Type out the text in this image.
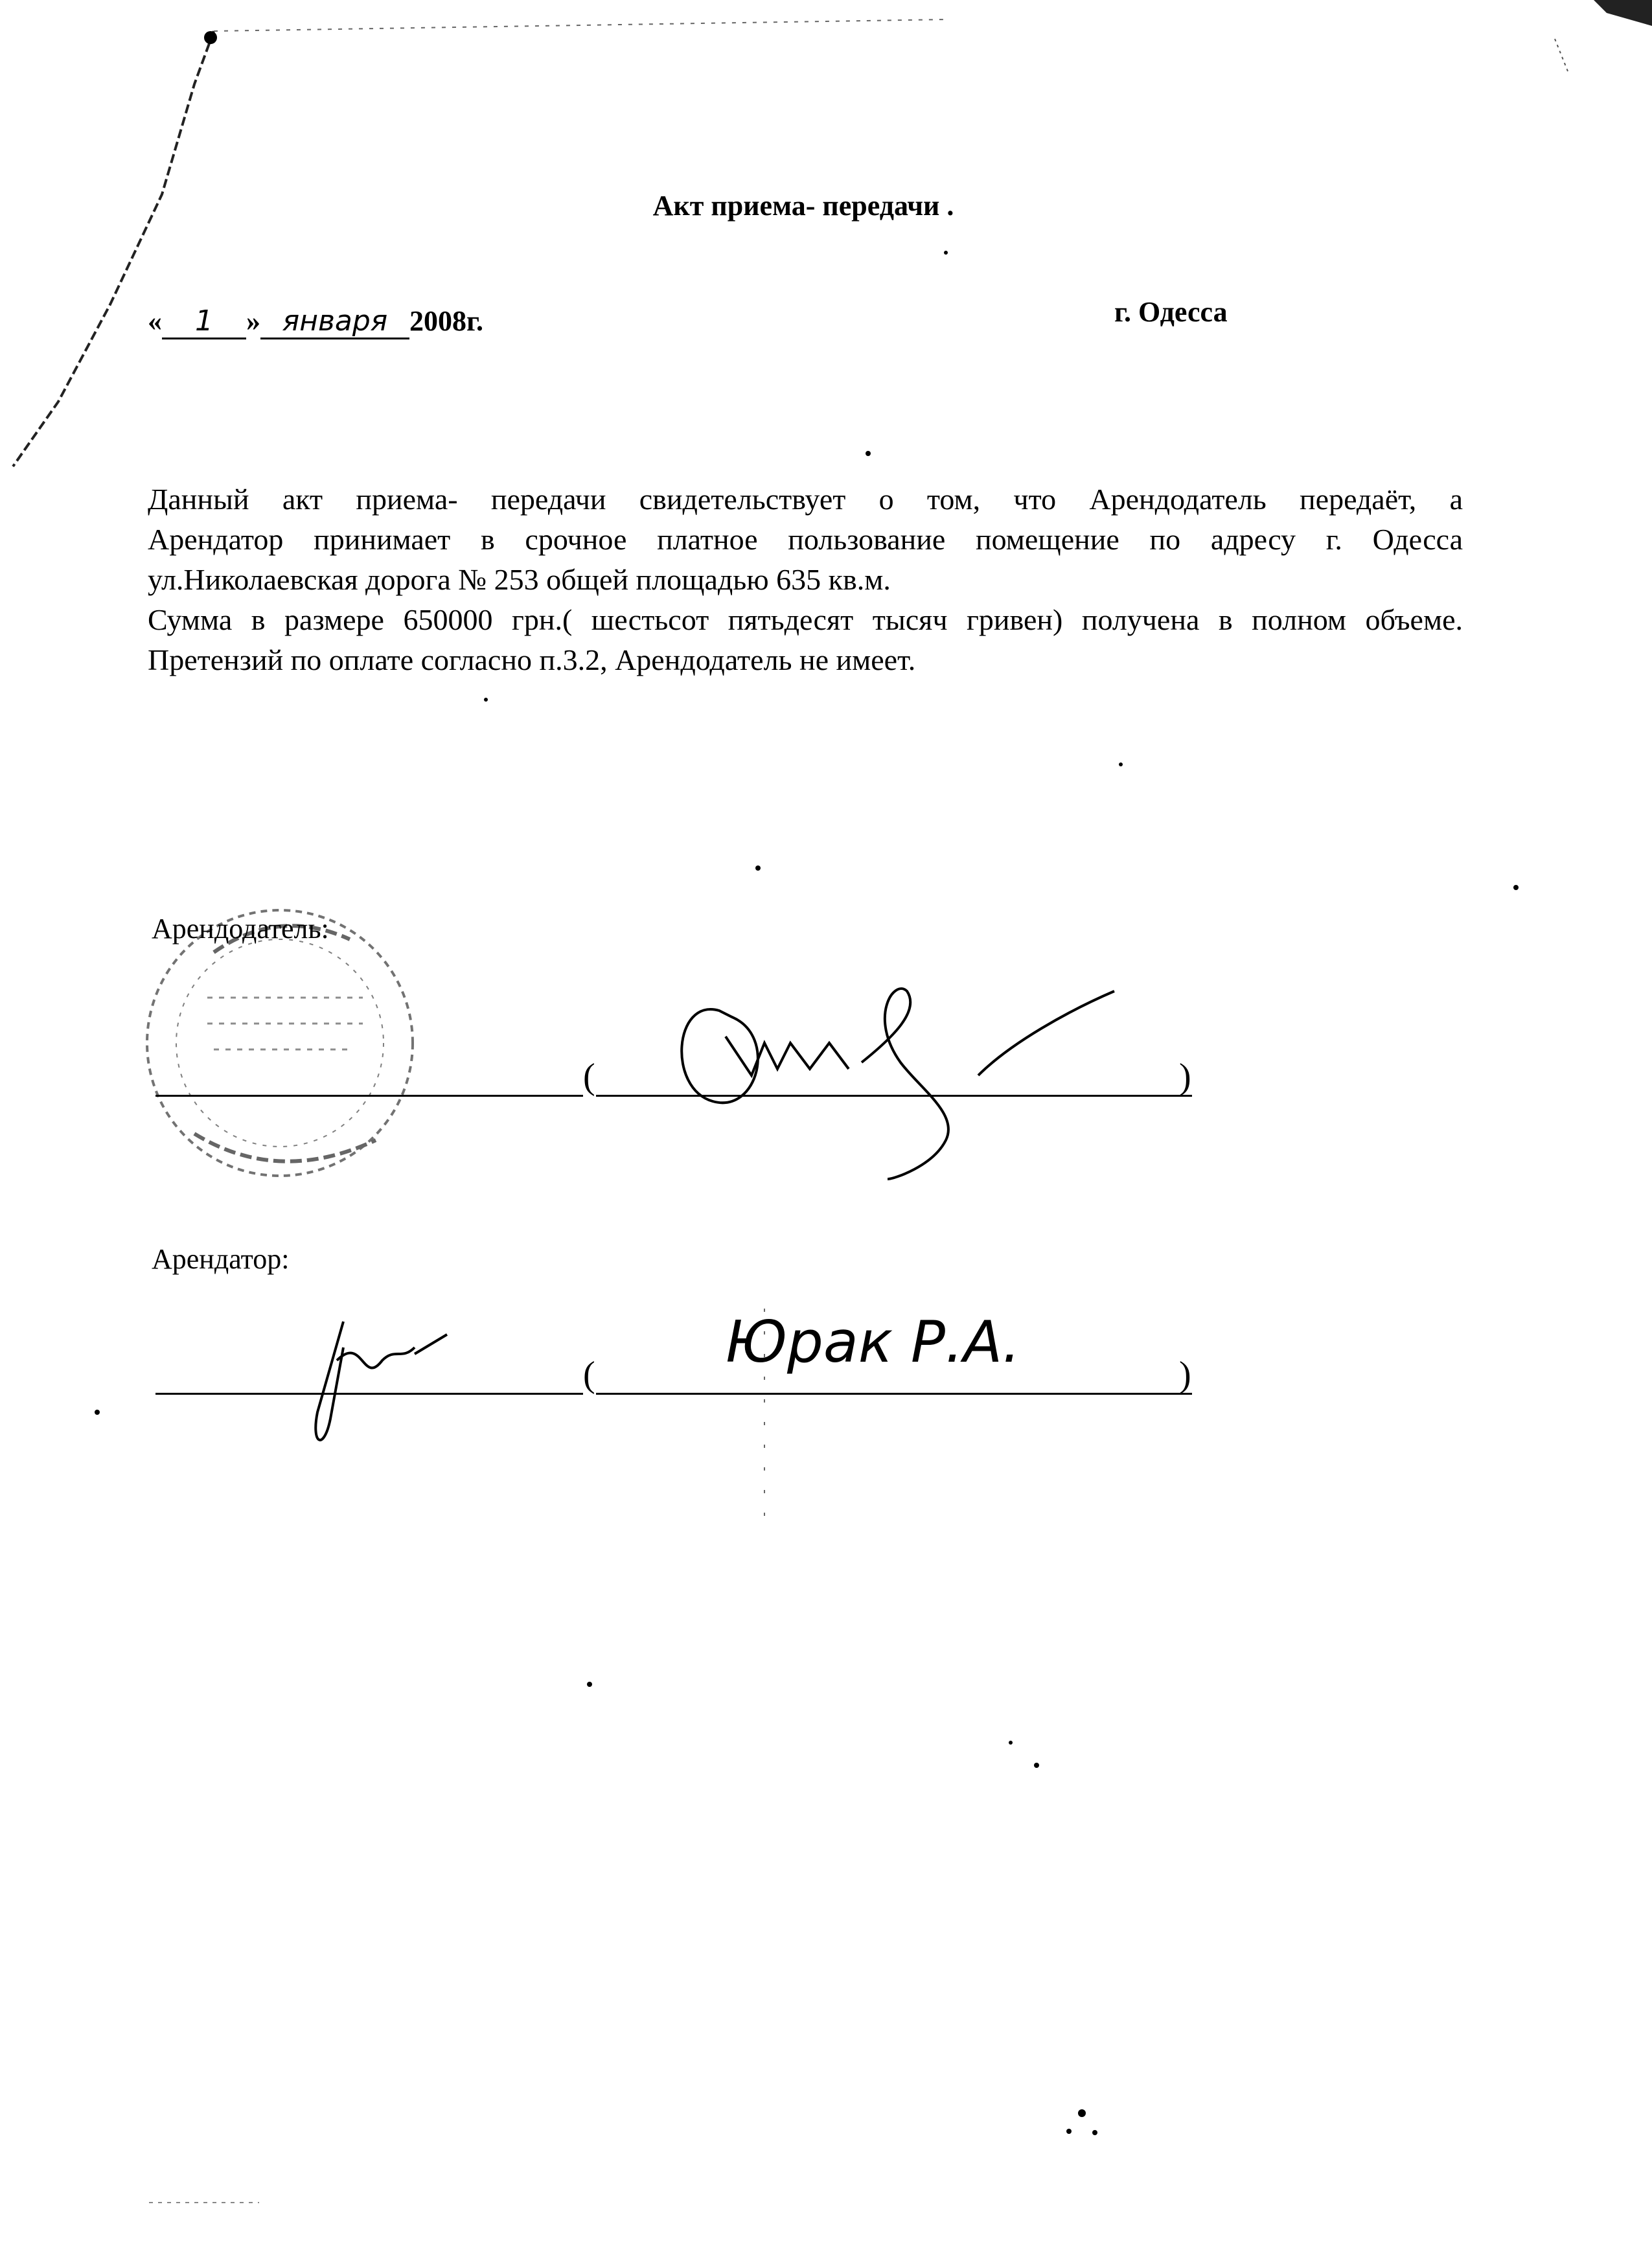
Акт приема- передачи .
« 1 » января 2008г.	г. Одесса
Данный акт приема- передачи свидетельствует о том, что Арендодатель передаёт, а
Арендатор принимает в срочное платное пользование помещение по адресу г. Одесса
ул.Николаевская дорога № 253 общей площадью 635 кв.м.
Сумма в размере 650000 грн.( шестьсот пятьдесят тысяч гривен) получена в полном объеме.
Претензий по оплате согласно п.3.2, Арендодатель не имеет.
Арендодатель:
(	)
Арендатор:
( Юрак Р.А.	)
